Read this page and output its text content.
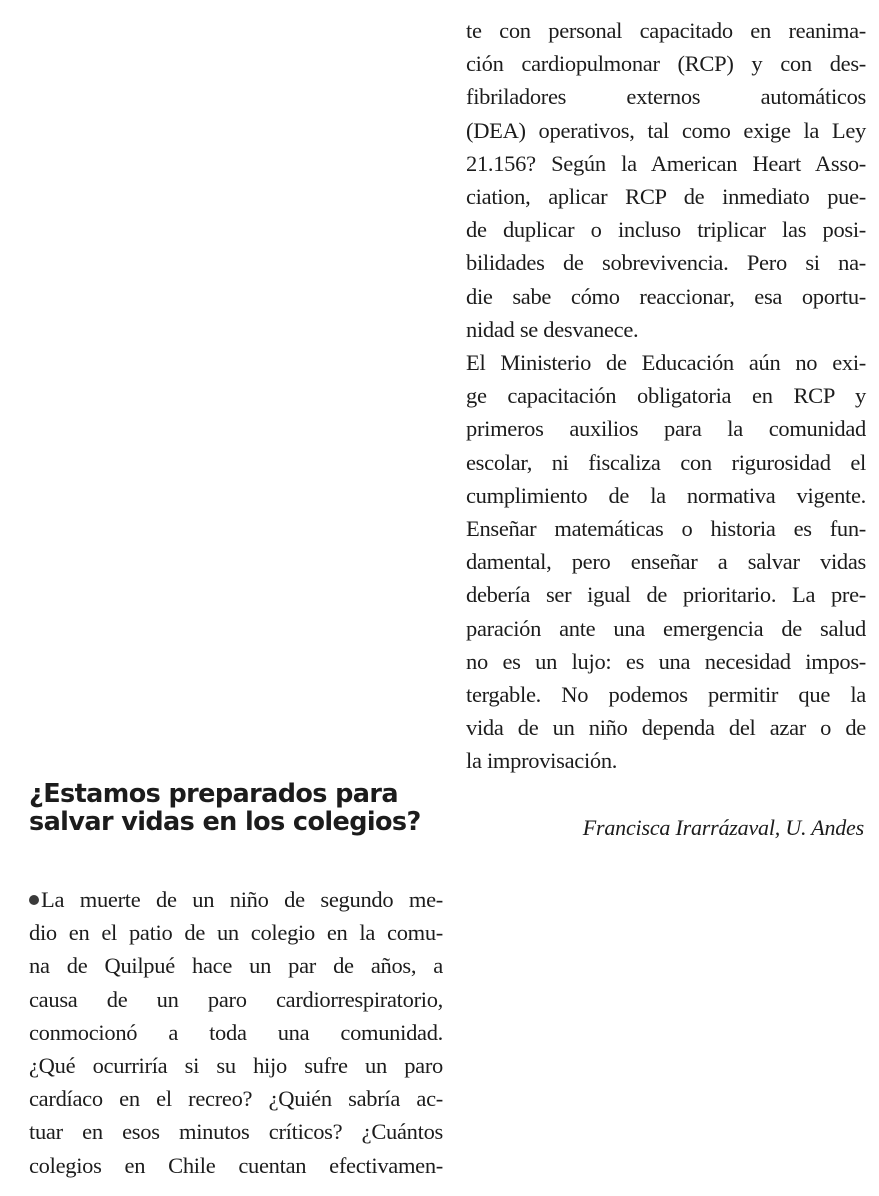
te con personal capacitado en reanima-
ción cardiopulmonar (RCP) y con des-
fibriladores externos automáticos
(DEA) operativos, tal como exige la Ley
21.156? Según la American Heart Asso-
ciation, aplicar RCP de inmediato pue-
de duplicar o incluso triplicar las posi-
bilidades de sobrevivencia. Pero si na-
die sabe cómo reaccionar, esa oportu-
nidad se desvanece.
El Ministerio de Educación aún no exi-
ge capacitación obligatoria en RCP y
primeros auxilios para la comunidad
escolar, ni fiscaliza con rigurosidad el
cumplimiento de la normativa vigente.
Enseñar matemáticas o historia es fun-
damental, pero enseñar a salvar vidas
debería ser igual de prioritario. La pre-
paración ante una emergencia de salud
no es un lujo: es una necesidad impos-
tergable. No podemos permitir que la
vida de un niño dependa del azar o de
la improvisación.
Francisca Irarrázaval, U. Andes
¿Estamos preparados para
salvar vidas en los colegios?
La muerte de un niño de segundo me-
dio en el patio de un colegio en la comu-
na de Quilpué hace un par de años, a
causa de un paro cardiorrespiratorio,
conmocionó a toda una comunidad.
¿Qué ocurriría si su hijo sufre un paro
cardíaco en el recreo? ¿Quién sabría ac-
tuar en esos minutos críticos? ¿Cuántos
colegios en Chile cuentan efectivamen-
